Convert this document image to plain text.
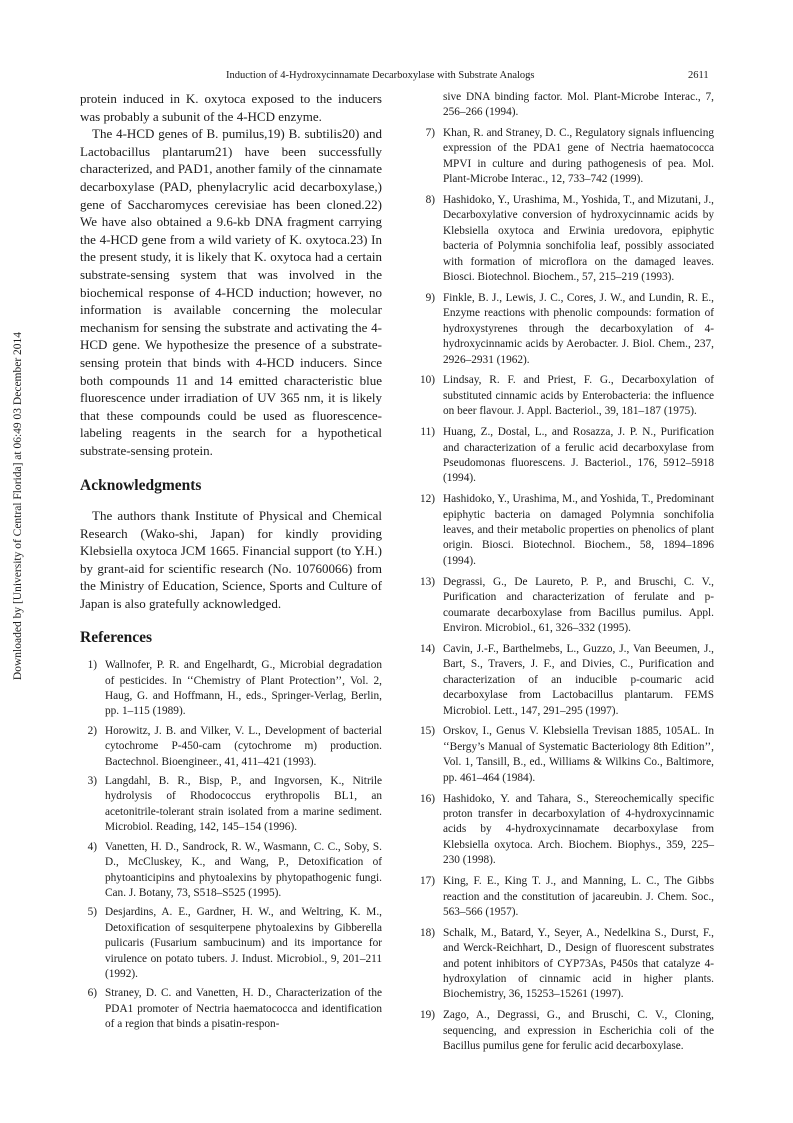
Induction of 4-Hydroxycinnamate Decarboxylase with Substrate Analogs	2611
Downloaded by [University of Central Florida] at 06:49 03 December 2014

protein induced in K. oxytoca exposed to the inducers was probably a subunit of the 4-HCD enzyme.

The 4-HCD genes of B. pumilus,19) B. subtilis20) and Lactobacillus plantarum21) have been successfully characterized, and PAD1, another family of the cinnamate decarboxylase (PAD, phenylacrylic acid decarboxylase,) gene of Saccharomyces cerevisiae has been cloned.22) We have also obtained a 9.6-kb DNA fragment carrying the 4-HCD gene from a wild variety of K. oxytoca.23) In the present study, it is likely that K. oxytoca had a certain substrate-sensing system that was involved in the biochemical response of 4-HCD induction; however, no information is available concerning the molecular mechanism for sensing the substrate and activating the 4-HCD gene. We hypothesize the presence of a substrate-sensing protein that binds with 4-HCD inducers. Since both compounds 11 and 14 emitted characteristic blue fluorescence under irradiation of UV 365 nm, it is likely that these compounds could be used as fluorescence-labeling reagents in the search for a hypothetical substrate-sensing protein.

Acknowledgments

The authors thank Institute of Physical and Chemical Research (Wako-shi, Japan) for kindly providing Klebsiella oxytoca JCM 1665. Financial support (to Y.H.) by grant-aid for scientific research (No. 10760066) from the Ministry of Education, Science, Sports and Culture of Japan is also gratefully acknowledged.

References
1) Wallnofer, P. R. and Engelhardt, G., Microbial degradation of pesticides. In ‘‘Chemistry of Plant Protection’’, Vol. 2, Haug, G. and Hoffmann, H., eds., Springer-Verlag, Berlin, pp. 1–115 (1989).
2) Horowitz, J. B. and Vilker, V. L., Development of bacterial cytochrome P-450-cam (cytochrome m) production. Bactechnol. Bioengineer., 41, 411–421 (1993).
3) Langdahl, B. R., Bisp, P., and Ingvorsen, K., Nitrile hydrolysis of Rhodococcus erythropolis BL1, an acetonitrile-tolerant strain isolated from a marine sediment. Microbiol. Reading, 142, 145–154 (1996).
4) Vanetten, H. D., Sandrock, R. W., Wasmann, C. C., Soby, S. D., McCluskey, K., and Wang, P., Detoxification of phytoanticipins and phytoalexins by phytopathogenic fungi. Can. J. Botany, 73, S518–S525 (1995).
5) Desjardins, A. E., Gardner, H. W., and Weltring, K. M., Detoxification of sesquiterpene phytoalexins by Gibberella pulicaris (Fusarium sambucinum) and its importance for virulence on potato tubers. J. Indust. Microbiol., 9, 201–211 (1992).
6) Straney, D. C. and Vanetten, H. D., Characterization of the PDA1 promoter of Nectria haematococca and identification of a region that binds a pisatin-respon-
sive DNA binding factor. Mol. Plant-Microbe Interac., 7, 256–266 (1994).
7) Khan, R. and Straney, D. C., Regulatory signals influencing expression of the PDA1 gene of Nectria haematococca MPVI in culture and during pathogenesis of pea. Mol. Plant-Microbe Interac., 12, 733–742 (1999).
8) Hashidoko, Y., Urashima, M., Yoshida, T., and Mizutani, J., Decarboxylative conversion of hydroxycinnamic acids by Klebsiella oxytoca and Erwinia uredovora, epiphytic bacteria of Polymnia sonchifolia leaf, possibly associated with formation of microflora on the damaged leaves. Biosci. Biotechnol. Biochem., 57, 215–219 (1993).
9) Finkle, B. J., Lewis, J. C., Cores, J. W., and Lundin, R. E., Enzyme reactions with phenolic compounds: formation of hydroxystyrenes through the decarboxylation of 4-hydroxycinnamic acids by Aerobacter. J. Biol. Chem., 237, 2926–2931 (1962).
10) Lindsay, R. F. and Priest, F. G., Decarboxylation of substituted cinnamic acids by Enterobacteria: the influence on beer flavour. J. Appl. Bacteriol., 39, 181–187 (1975).
11) Huang, Z., Dostal, L., and Rosazza, J. P. N., Purification and characterization of a ferulic acid decarboxylase from Pseudomonas fluorescens. J. Bacteriol., 176, 5912–5918 (1994).
12) Hashidoko, Y., Urashima, M., and Yoshida, T., Predominant epiphytic bacteria on damaged Polymnia sonchifolia leaves, and their metabolic properties on phenolics of plant origin. Biosci. Biotechnol. Biochem., 58, 1894–1896 (1994).
13) Degrassi, G., De Laureto, P. P., and Bruschi, C. V., Purification and characterization of ferulate and p-coumarate decarboxylase from Bacillus pumilus. Appl. Environ. Microbiol., 61, 326–332 (1995).
14) Cavin, J.-F., Barthelmebs, L., Guzzo, J., Van Beeumen, J., Bart, S., Travers, J. F., and Divies, C., Purification and characterization of an inducible p-coumaric acid decarboxylase from Lactobacillus plantarum. FEMS Microbiol. Lett., 147, 291–295 (1997).
15) Orskov, I., Genus V. Klebsiella Trevisan 1885, 105AL. In ‘‘Bergy’s Manual of Systematic Bacteriology 8th Edition’’, Vol. 1, Tansill, B., ed., Williams & Wilkins Co., Baltimore, pp. 461–464 (1984).
16) Hashidoko, Y. and Tahara, S., Stereochemically specific proton transfer in decarboxylation of 4-hydroxycinnamic acids by 4-hydroxycinnamate decarboxylase from Klebsiella oxytoca. Arch. Biochem. Biophys., 359, 225–230 (1998).
17) King, F. E., King T. J., and Manning, L. C., The Gibbs reaction and the constitution of jacareubin. J. Chem. Soc., 563–566 (1957).
18) Schalk, M., Batard, Y., Seyer, A., Nedelkina S., Durst, F., and Werck-Reichhart, D., Design of fluorescent substrates and potent inhibitors of CYP73As, P450s that catalyze 4-hydroxylation of cinnamic acid in higher plants. Biochemistry, 36, 15253–15261 (1997).
19) Zago, A., Degrassi, G., and Bruschi, C. V., Cloning, sequencing, and expression in Escherichia coli of the Bacillus pumilus gene for ferulic acid decarboxylase.
